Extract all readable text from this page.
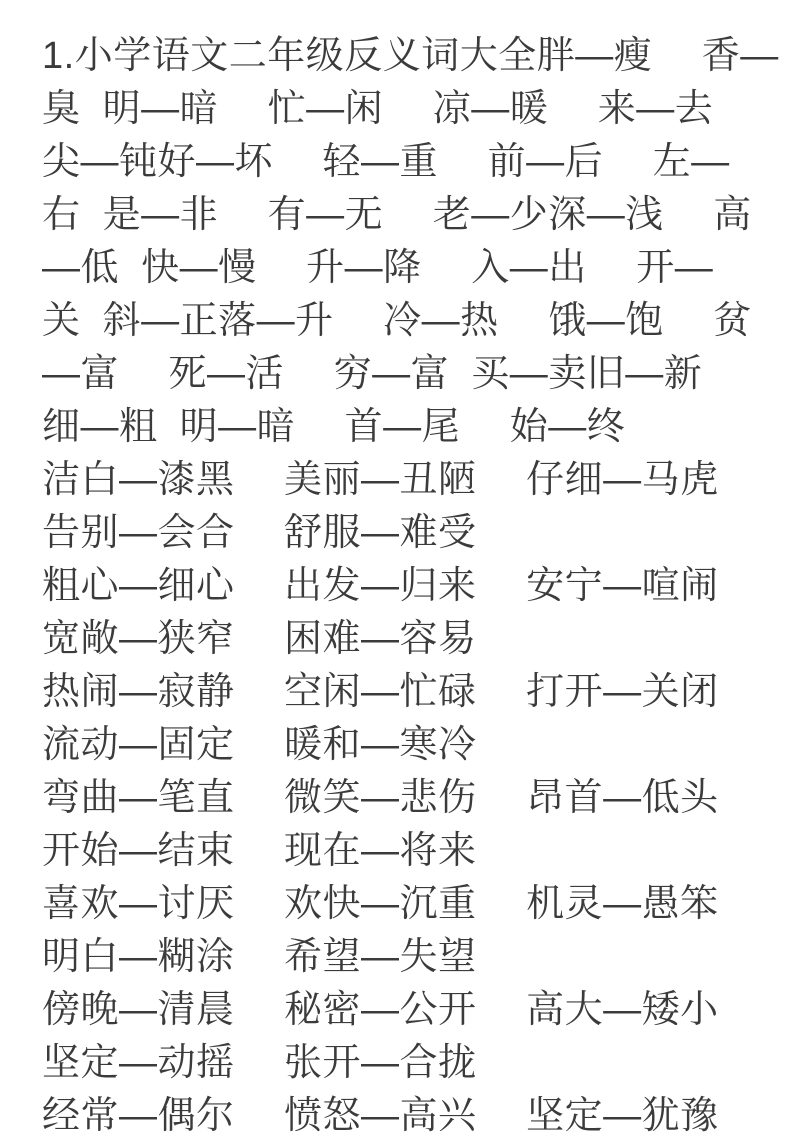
1.小学语文二年级反义词大全胖—瘦　 香—
臭  明—暗　 忙—闲　 凉—暖　 来—去
尖—钝好—坏　 轻—重　 前—后　 左—
右  是—非　 有—无　 老—少深—浅　 高
—低  快—慢　 升—降　 入—出　 开—
关  斜—正落—升　 冷—热　 饿—饱　 贫
—富　 死—活　 穷—富  买—卖旧—新
细—粗  明—暗　 首—尾　 始—终
洁白—漆黑　 美丽—丑陋　 仔细—马虎
告别—会合　 舒服—难受
粗心—细心　 出发—归来　 安宁—喧闹
宽敞—狭窄　 困难—容易
热闹—寂静　 空闲—忙碌　 打开—关闭
流动—固定　 暖和—寒冷
弯曲—笔直　 微笑—悲伤　 昂首—低头
开始—结束　 现在—将来
喜欢—讨厌　 欢快—沉重　 机灵—愚笨
明白—糊涂　 希望—失望
傍晚—清晨　 秘密—公开　 高大—矮小
坚定—动摇　 张开—合拢
经常—偶尔　 愤怒—高兴　 坚定—犹豫
